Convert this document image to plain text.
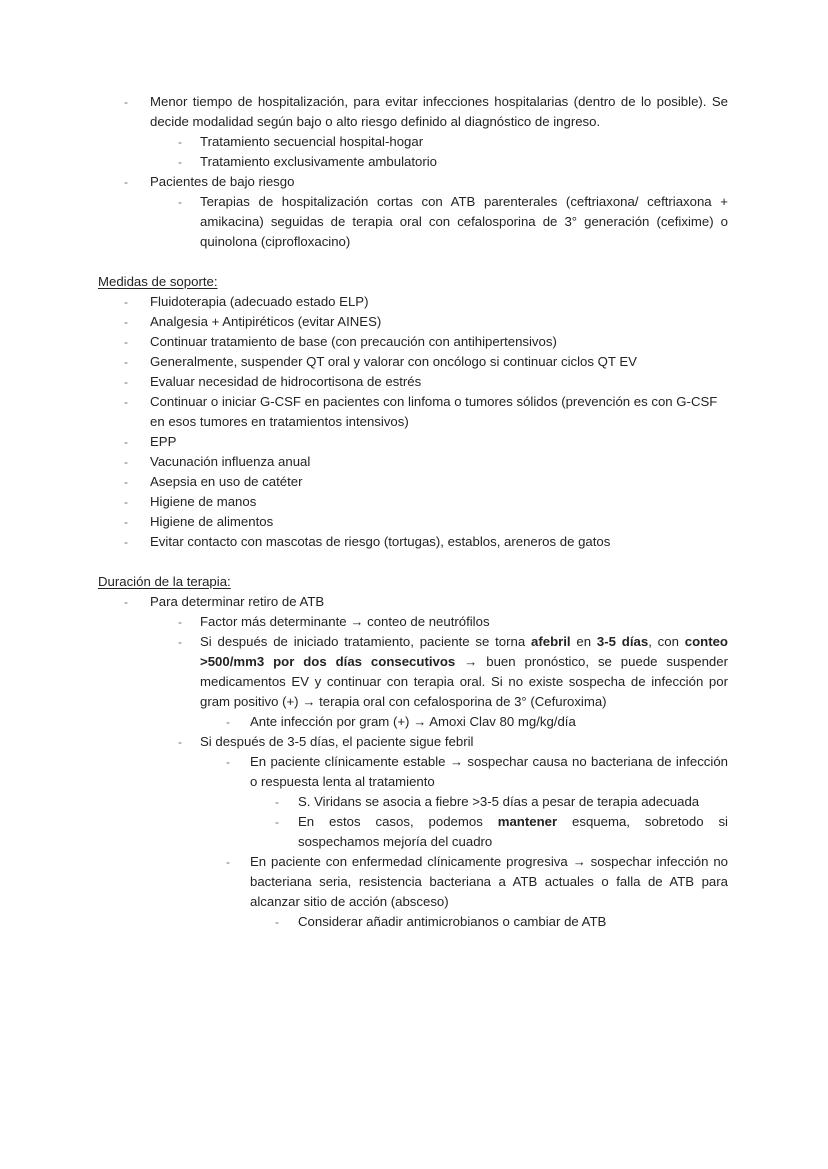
-	Menor tiempo de hospitalización, para evitar infecciones hospitalarias (dentro de lo posible). Se decide modalidad según bajo o alto riesgo definido al diagnóstico de ingreso.
-	Tratamiento secuencial hospital-hogar
-	Tratamiento exclusivamente ambulatorio
-	Pacientes de bajo riesgo
-	Terapias de hospitalización cortas con ATB parenterales (ceftriaxona/ ceftriaxona + amikacina) seguidas de terapia oral con cefalosporina de 3° generación (cefixime) o quinolona (ciprofloxacino)
Medidas de soporte:
-	Fluidoterapia (adecuado estado ELP)
-	Analgesia + Antipiréticos (evitar AINES)
-	Continuar tratamiento de base (con precaución con antihipertensivos)
-	Generalmente, suspender QT oral y valorar con oncólogo si continuar ciclos QT EV
-	Evaluar necesidad de hidrocortisona de estrés
-	Continuar o iniciar G-CSF en pacientes con linfoma o tumores sólidos (prevención es con G-CSF en esos tumores en tratamientos intensivos)
-	EPP
-	Vacunación influenza anual
-	Asepsia en uso de catéter
-	Higiene de manos
-	Higiene de alimentos
-	Evitar contacto con mascotas de riesgo (tortugas), establos, areneros de gatos
Duración de la terapia:
-	Para determinar retiro de ATB
-	Factor más determinante → conteo de neutrófilos
-	Si después de iniciado tratamiento, paciente se torna afebril en 3-5 días, con conteo >500/mm3 por dos días consecutivos → buen pronóstico, se puede suspender medicamentos EV y continuar con terapia oral. Si no existe sospecha de infección por gram positivo (+) → terapia oral con cefalosporina de 3° (Cefuroxima)
-	Ante infección por gram (+) → Amoxi Clav 80 mg/kg/día
-	Si después de 3-5 días, el paciente sigue febril
-	En paciente clínicamente estable → sospechar causa no bacteriana de infección o respuesta lenta al tratamiento
-	S. Viridans se asocia a fiebre >3-5 días a pesar de terapia adecuada
-	En estos casos, podemos mantener esquema, sobretodo si sospechamos mejoría del cuadro
-	En paciente con enfermedad clínicamente progresiva → sospechar infección no bacteriana seria, resistencia bacteriana a ATB actuales o falla de ATB para alcanzar sitio de acción (absceso)
-	Considerar añadir antimicrobianos o cambiar de ATB
